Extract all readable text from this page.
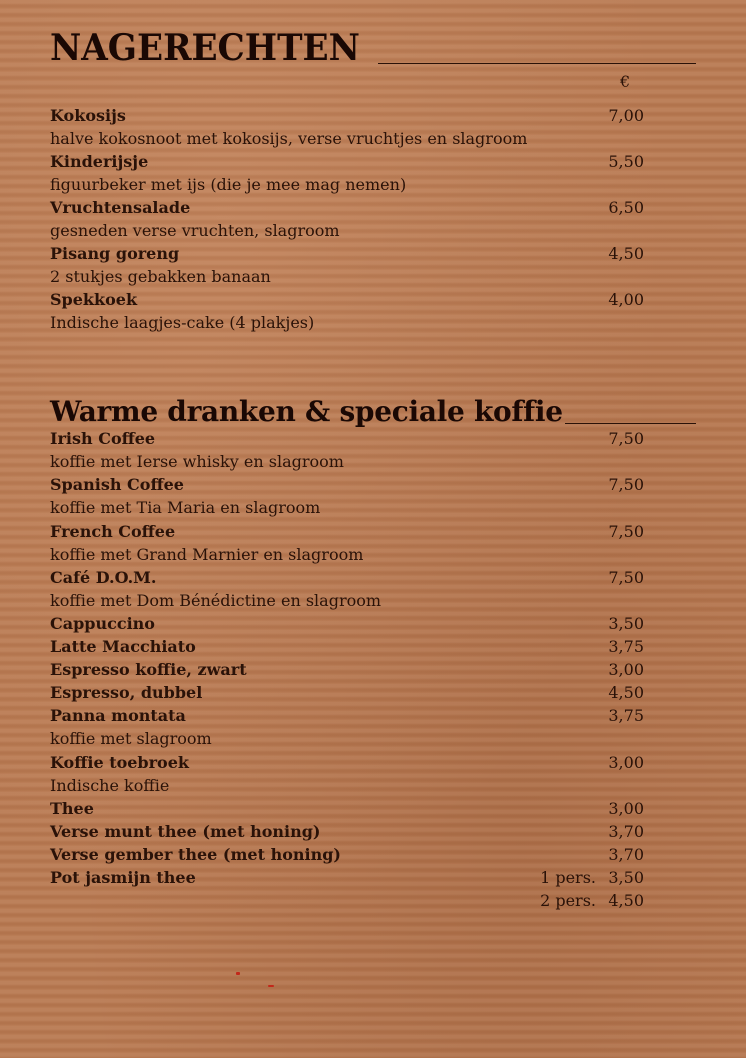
NAGERECHTEN
€
Kokosijs	7,00
halve kokosnoot met kokosijs, verse vruchtjes en slagroom
Kinderijsje	5,50
figuurbeker met ijs (die je mee mag nemen)
Vruchtensalade	6,50
gesneden verse vruchten, slagroom
Pisang goreng	4,50
2 stukjes gebakken banaan
Spekkoek	4,00
Indische laagjes-cake (4 plakjes)
Warme dranken & speciale koffie
Irish Coffee	7,50
koffie met Ierse whisky en slagroom
Spanish Coffee	7,50
koffie met Tia Maria en slagroom
French Coffee	7,50
koffie met Grand Marnier en slagroom
Café D.O.M.	7,50
koffie met Dom Bénédictine en slagroom
Cappuccino	3,50
Latte Macchiato	3,75
Espresso koffie, zwart	3,00
Espresso, dubbel	4,50
Panna montata	3,75
koffie met slagroom
Koffie toebroek	3,00
Indische koffie
Thee	3,00
Verse munt thee (met honing)	3,70
Verse gember thee (met honing)	3,70
Pot jasmijn thee	1 pers. 3,50
2 pers. 4,50
